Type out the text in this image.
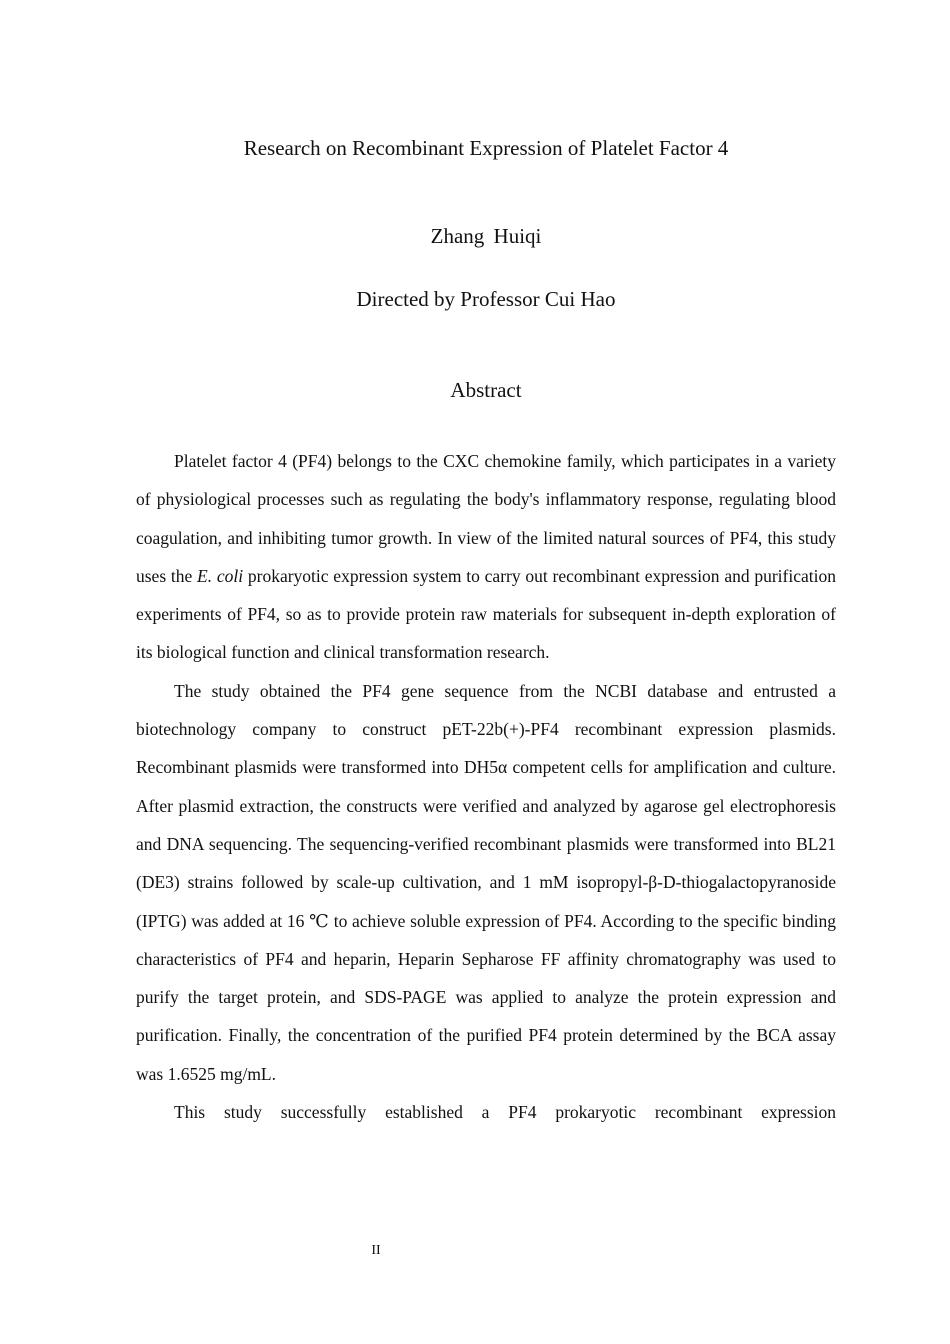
Research on Recombinant Expression of Platelet Factor 4
Zhang Huiqi
Directed by Professor Cui Hao
Abstract

Platelet factor 4 (PF4) belongs to the CXC chemokine family, which participates in a variety of physiological processes such as regulating the body's inflammatory response, regulating blood coagulation, and inhibiting tumor growth. In view of the limited natural sources of PF4, this study uses the E. coli prokaryotic expression system to carry out recombinant expression and purification experiments of PF4, so as to provide protein raw materials for subsequent in-depth exploration of its biological function and clinical transformation research.

The study obtained the PF4 gene sequence from the NCBI database and entrusted a biotechnology company to construct pET-22b(+)-PF4 recombinant expression plasmids. Recombinant plasmids were transformed into DH5α competent cells for amplification and culture. After plasmid extraction, the constructs were verified and analyzed by agarose gel electrophoresis and DNA sequencing. The sequencing-verified recombinant plasmids were transformed into BL21 (DE3) strains followed by scale-up cultivation, and 1 mM isopropyl-β-D-thiogalactopyranoside (IPTG) was added at 16 ℃ to achieve soluble expression of PF4. According to the specific binding characteristics of PF4 and heparin, Heparin Sepharose FF affinity chromatography was used to purify the target protein, and SDS-PAGE was applied to analyze the protein expression and purification. Finally, the concentration of the purified PF4 protein determined by the BCA assay was 1.6525 mg/mL.

This study successfully established a PF4 prokaryotic recombinant expression

II
